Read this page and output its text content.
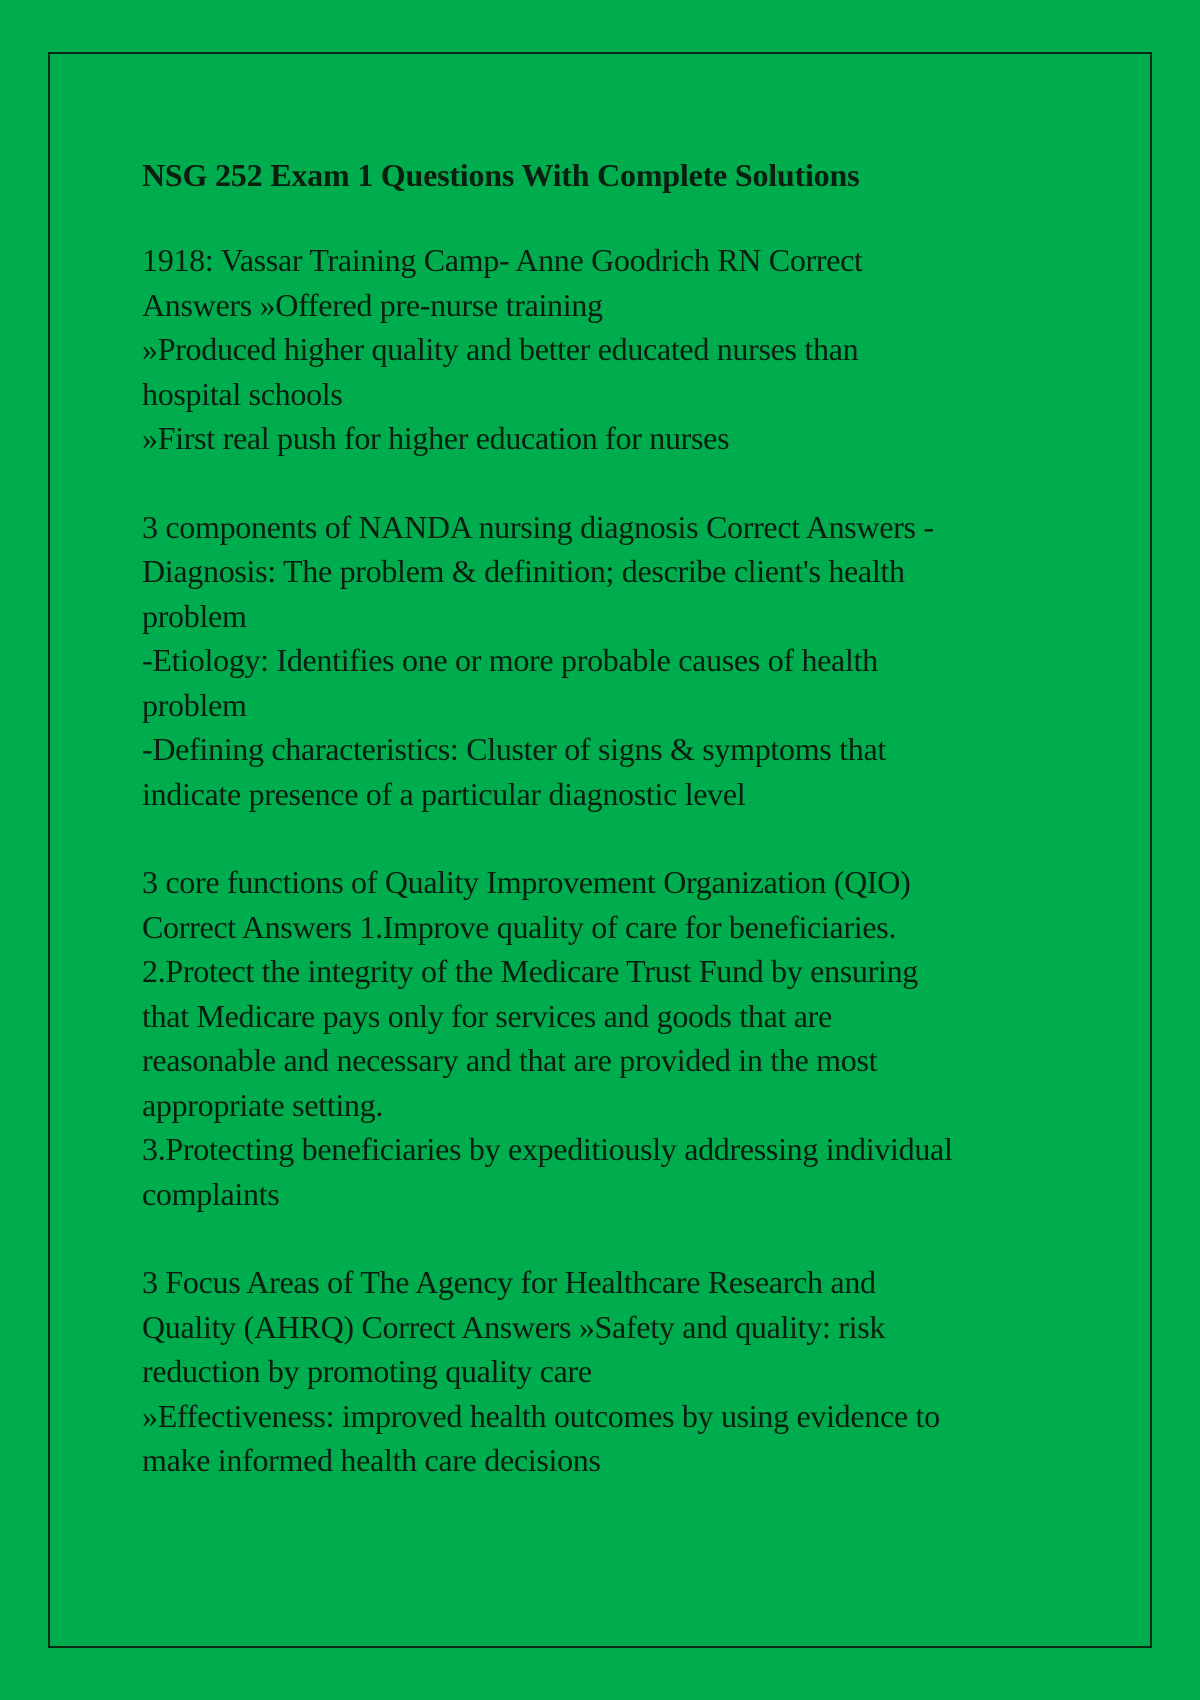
NSG 252 Exam 1 Questions With Complete Solutions
1918: Vassar Training Camp- Anne Goodrich RN Correct
Answers »Offered pre-nurse training
»Produced higher quality and better educated nurses than
hospital schools
»First real push for higher education for nurses
3 components of NANDA nursing diagnosis Correct Answers -
Diagnosis: The problem & definition; describe client's health
problem
-Etiology: Identifies one or more probable causes of health
problem
-Defining characteristics: Cluster of signs & symptoms that
indicate presence of a particular diagnostic level
3 core functions of Quality Improvement Organization (QIO)
Correct Answers 1.Improve quality of care for beneficiaries.
2.Protect the integrity of the Medicare Trust Fund by ensuring
that Medicare pays only for services and goods that are
reasonable and necessary and that are provided in the most
appropriate setting.
3.Protecting beneficiaries by expeditiously addressing individual
complaints
3 Focus Areas of The Agency for Healthcare Research and
Quality (AHRQ) Correct Answers »Safety and quality: risk
reduction by promoting quality care
»Effectiveness: improved health outcomes by using evidence to
make informed health care decisions
